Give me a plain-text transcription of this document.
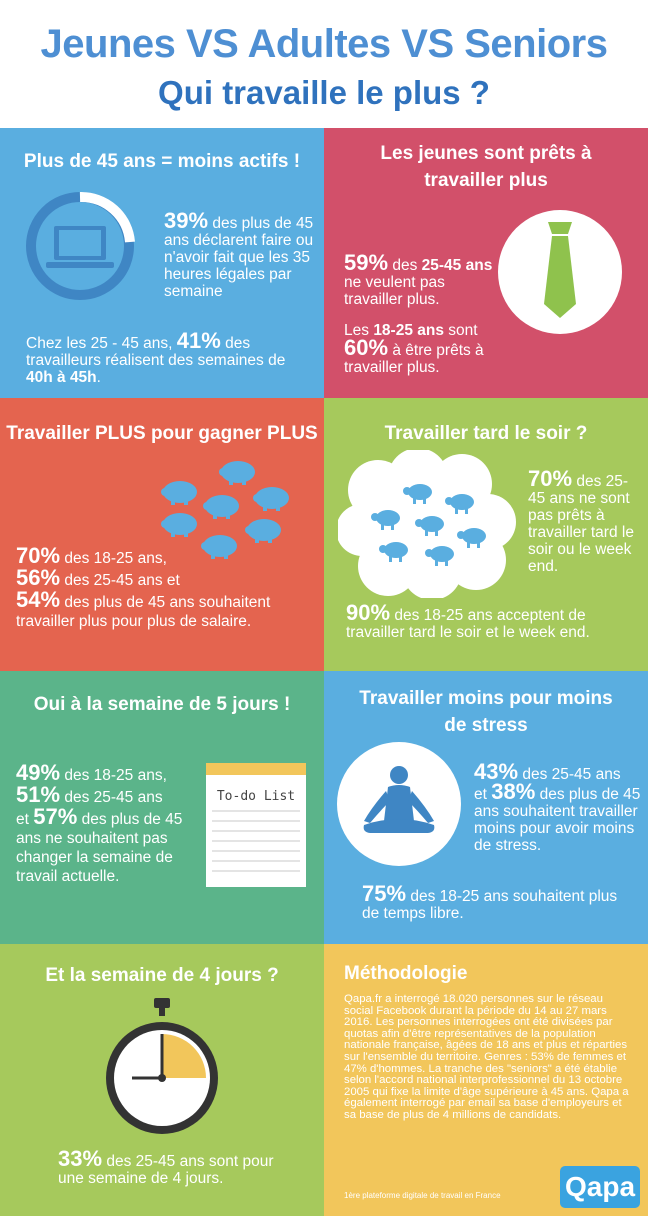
Jeunes VS Adultes VS Seniors
Qui travaille le plus ?
Plus de 45 ans = moins actifs !
39% des plus de 45 ans déclarent faire ou n'avoir fait que les 35 heures légales par semaine
Chez les 25 - 45 ans, 41% des travailleurs réalisent des semaines de 40h à 45h.
Les jeunes sont prêts à travailler plus
59% des 25-45 ans ne veulent pas travailler plus.
Les 18-25 ans sont 60% à être prêts à travailler plus.
Travailler PLUS pour gagner PLUS
70% des 18-25 ans,
56% des 25-45 ans et
54% des plus de 45 ans souhaitent travailler plus pour plus de salaire.
Travailler tard le soir ?
70% des 25-45 ans ne sont pas prêts à travailler tard le soir ou le week end.
90% des 18-25 ans acceptent de travailler tard le soir et le week end.
Oui à la semaine de 5 jours !
49% des 18-25 ans,
51% des 25-45 ans
et 57% des plus de 45 ans ne souhaitent pas changer la semaine de travail actuelle.
To-do List
Travailler moins pour moins de stress
43% des 25-45 ans
et 38% des plus de 45 ans souhaitent travailler moins pour avoir moins de stress.
75% des 18-25 ans souhaitent plus de temps libre.
Et la semaine de 4 jours ?
33% des 25-45 ans sont pour une semaine de 4 jours.
Méthodologie
Qapa.fr a interrogé 18.020 personnes sur le réseau social Facebook durant la période du 14 au 27 mars 2016. Les personnes interrogées ont été divisées par quotas afin d'être représentatives de la population nationale française, âgées de 18 ans et plus et réparties sur l'ensemble du territoire. Genres : 53% de femmes et 47% d'hommes. La tranche des "seniors" a été établie selon l'accord national interprofessionnel du 13 octobre 2005 qui fixe la limite d'âge supérieure à 45 ans. Qapa a également interrogé par email sa base d'employeurs et sa base de plus de 4 millions de candidats.
1ère plateforme digitale de travail en France Qapa
